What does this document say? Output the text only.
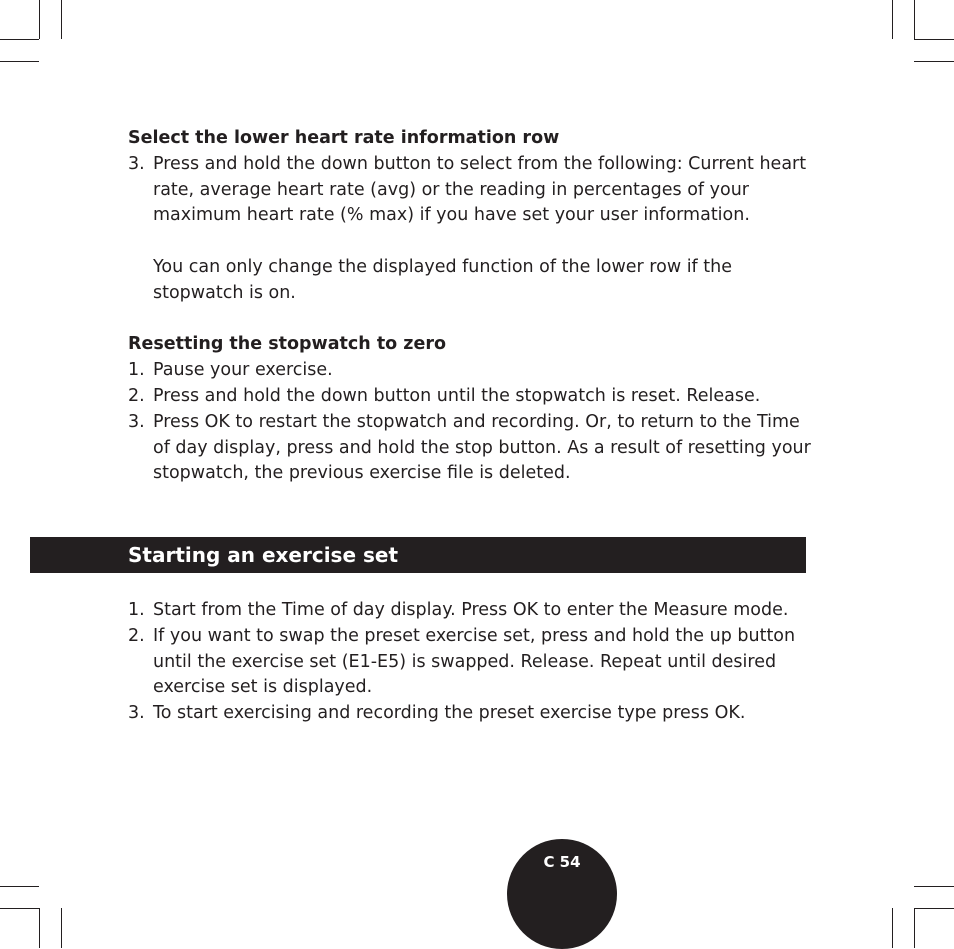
Select the lower heart rate information row

3. Press and hold the down button to select from the following: Current heart rate, average heart rate (avg) or the reading in percentages of your maximum heart rate (% max) if you have set your user information.
You can only change the displayed function of the lower row if the stopwatch is on.

Resetting the stopwatch to zero

1. Pause your exercise.
2. Press and hold the down button until the stopwatch is reset. Release.
3. Press OK to restart the stopwatch and recording. Or, to return to the Time of day display, press and hold the stop button. As a result of resetting your stopwatch, the previous exercise file is deleted.
Starting an exercise set
1. Start from the Time of day display. Press OK to enter the Measure mode.
2. If you want to swap the preset exercise set, press and hold the up button until the exercise set (E1-E5) is swapped. Release. Repeat until desired exercise set is displayed.
3. To start exercising and recording the preset exercise type press OK.
C 54
